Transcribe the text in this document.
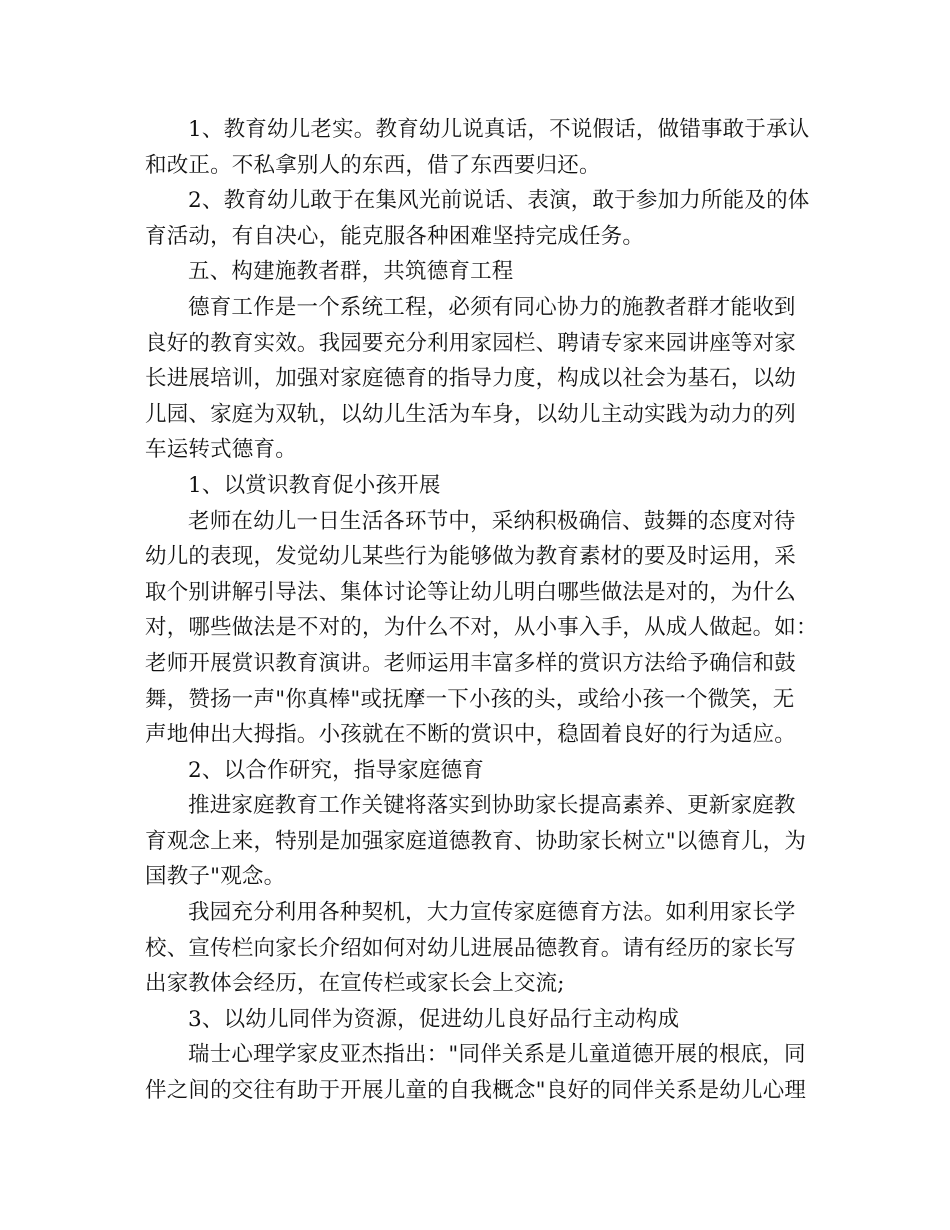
1、教育幼儿老实。教育幼儿说真话，不说假话，做错事敢于承认
和改正。不私拿别人的东西，借了东西要归还。
2、教育幼儿敢于在集风光前说话、表演，敢于参加力所能及的体
育活动，有自决心，能克服各种困难坚持完成任务。
五、构建施教者群，共筑德育工程
德育工作是一个系统工程，必须有同心协力的施教者群才能收到
良好的教育实效。我园要充分利用家园栏、聘请专家来园讲座等对家
长进展培训，加强对家庭德育的指导力度，构成以社会为基石，以幼
儿园、家庭为双轨，以幼儿生活为车身，以幼儿主动实践为动力的列
车运转式德育。
1、以赏识教育促小孩开展
老师在幼儿一日生活各环节中，采纳积极确信、鼓舞的态度对待
幼儿的表现，发觉幼儿某些行为能够做为教育素材的要及时运用，采
取个别讲解引导法、集体讨论等让幼儿明白哪些做法是对的，为什么
对，哪些做法是不对的，为什么不对，从小事入手，从成人做起。如：
老师开展赏识教育演讲。老师运用丰富多样的赏识方法给予确信和鼓
舞，赞扬一声"你真棒"或抚摩一下小孩的头，或给小孩一个微笑，无
声地伸出大拇指。小孩就在不断的赏识中，稳固着良好的行为适应。
2、以合作研究，指导家庭德育
推进家庭教育工作关键将落实到协助家长提高素养、更新家庭教
育观念上来，特别是加强家庭道德教育、协助家长树立"以德育儿，为
国教子"观念。
我园充分利用各种契机，大力宣传家庭德育方法。如利用家长学
校、宣传栏向家长介绍如何对幼儿进展品德教育。请有经历的家长写
出家教体会经历，在宣传栏或家长会上交流;
3、以幼儿同伴为资源，促进幼儿良好品行主动构成
瑞士心理学家皮亚杰指出："同伴关系是儿童道德开展的根底，同
伴之间的交往有助于开展儿童的自我概念"良好的同伴关系是幼儿心理
